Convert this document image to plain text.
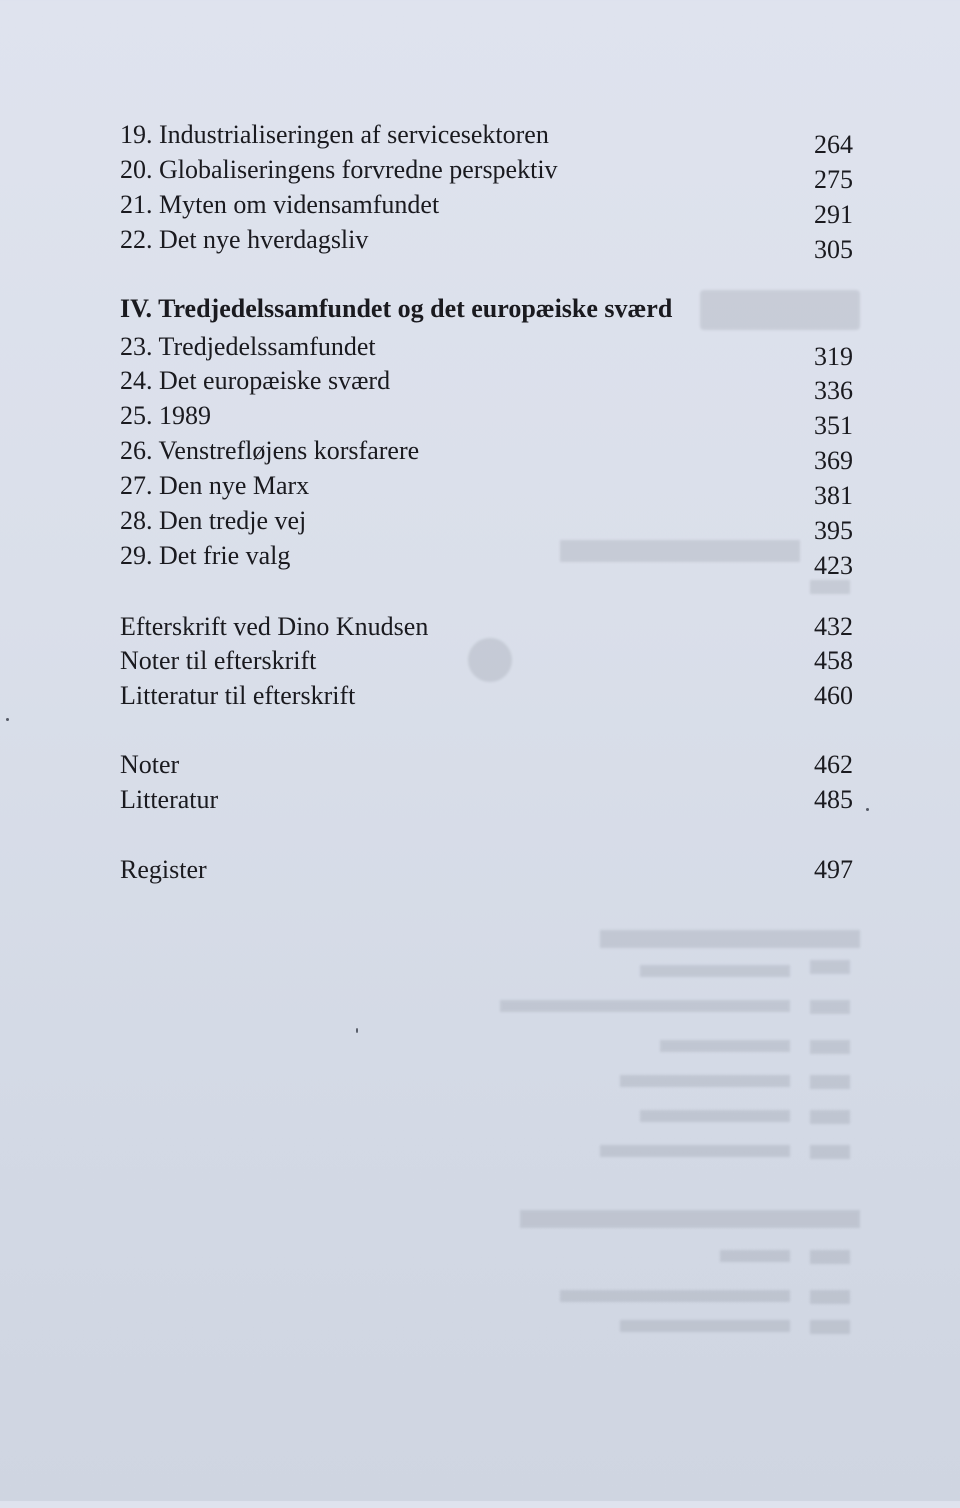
19. Industrialiseringen af servicesektoren	264
20. Globaliseringens forvredne perspektiv	275
21. Myten om vidensamfundet	291
22. Det nye hverdagsliv	305
IV. Tredjedelssamfundet og det europæiske sværd
23. Tredjedelssamfundet	319
24. Det europæiske sværd	336
25. 1989	351
26. Venstrefløjens korsfarere	369
27. Den nye Marx	381
28. Den tredje vej	395
29. Det frie valg	423
Efterskrift ved Dino Knudsen	432
Noter til efterskrift	458
Litteratur til efterskrift	460
Noter	462
Litteratur	485
Register	497
